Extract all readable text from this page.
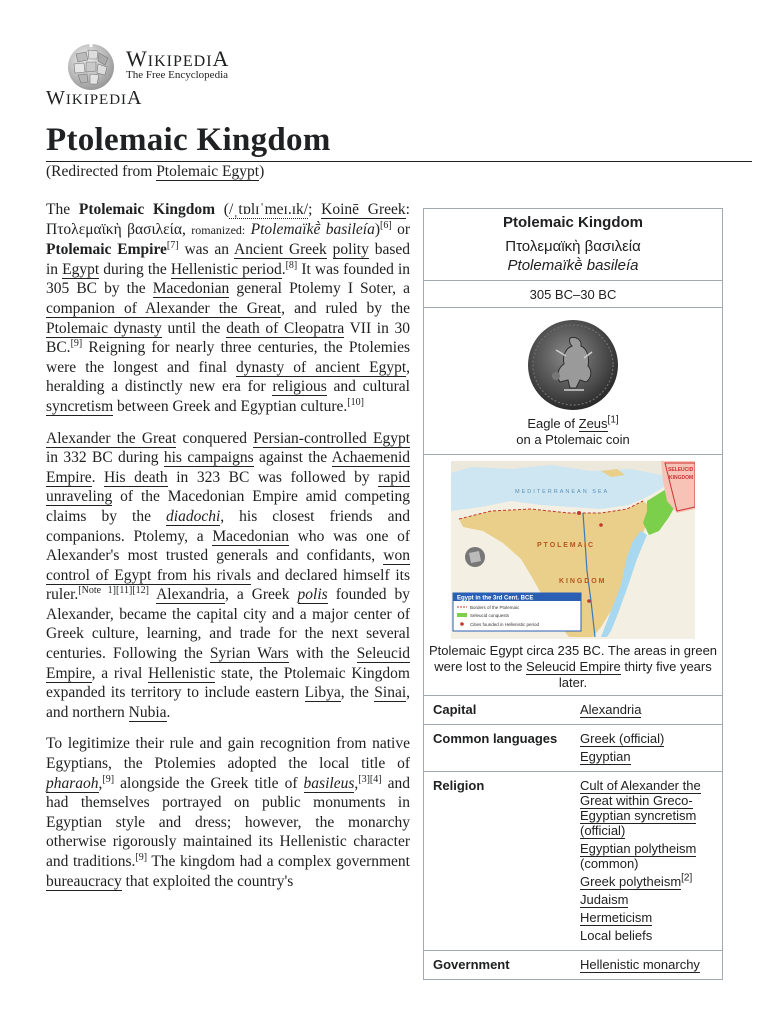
WIKIPEDIA
The Free Encyclopedia
WIKIPEDIA
Ptolemaic Kingdom
(Redirected from Ptolemaic Egypt)

The Ptolemaic Kingdom (/ˌtɒlɪˈmeɪ.ɪk/; Koinē Greek: Πτολεμαϊκὴ βασιλεία, romanized: Ptolemaïkḕ basileía)[6] or Ptolemaic Empire[7] was an Ancient Greek polity based in Egypt during the Hellenistic period.[8] It was founded in 305 BC by the Macedonian general Ptolemy I Soter, a companion of Alexander the Great, and ruled by the Ptolemaic dynasty until the death of Cleopatra VII in 30 BC.[9] Reigning for nearly three centuries, the Ptolemies were the longest and final dynasty of ancient Egypt, heralding a distinctly new era for religious and cultural syncretism between Greek and Egyptian culture.[10]

Alexander the Great conquered Persian-controlled Egypt in 332 BC during his campaigns against the Achaemenid Empire. His death in 323 BC was followed by rapid unraveling of the Macedonian Empire amid competing claims by the diadochi, his closest friends and companions. Ptolemy, a Macedonian who was one of Alexander's most trusted generals and confidants, won control of Egypt from his rivals and declared himself its ruler.[Note 1][11][12] Alexandria, a Greek polis founded by Alexander, became the capital city and a major center of Greek culture, learning, and trade for the next several centuries. Following the Syrian Wars with the Seleucid Empire, a rival Hellenistic state, the Ptolemaic Kingdom expanded its territory to include eastern Libya, the Sinai, and northern Nubia.

To legitimize their rule and gain recognition from native Egyptians, the Ptolemies adopted the local title of pharaoh,[9] alongside the Greek title of basileus,[3][4] and had themselves portrayed on public monuments in Egyptian style and dress; however, the monarchy otherwise rigorously maintained its Hellenistic character and traditions.[9] The kingdom had a complex government bureaucracy that exploited the country's

Ptolemaic Kingdom
Πτολεμαϊκὴ βασιλεία
Ptolemaïkḕ basileía
305 BC–30 BC
Eagle of Zeus[1]
on a Ptolemaic coin
Egypt in the 3rd Cent. BCE
Borders of the Ptolemaic
Seleucid conquests
Cities founded in Hellenistic period
SELEUCID
KINGDOM
MEDITERRANEAN SEA
P T O L E M A I C
K I N G D O M
Ptolemaic Egypt circa 235 BC. The areas in green were lost to the Seleucid Empire thirty five years later.
Capital	Alexandria
Common languages	Greek (official)
Egyptian
Religion	Cult of Alexander the Great within Greco-Egyptian syncretism (official)
Egyptian polytheism
(common)
Greek polytheism[2]
Judaism
Hermeticism
Local beliefs
Government	Hellenistic monarchy
